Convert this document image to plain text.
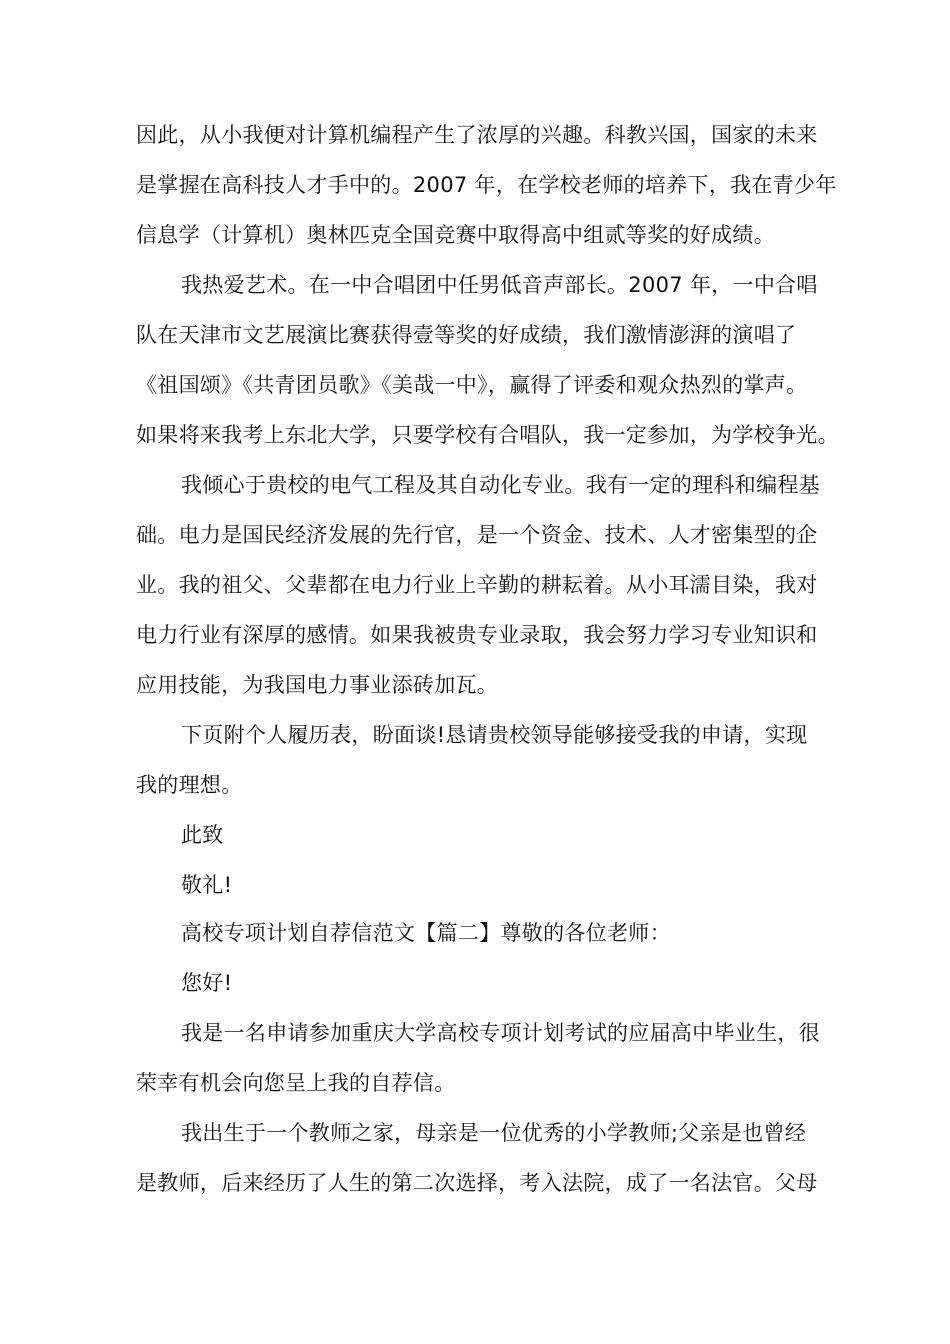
因此，从小我便对计算机编程产生了浓厚的兴趣。科教兴国，国家的未来
是掌握在高科技人才手中的。2007 年，在学校老师的培养下，我在青少年
信息学（计算机）奥林匹克全国竞赛中取得高中组贰等奖的好成绩。
我热爱艺术。在一中合唱团中任男低音声部长。2007 年，一中合唱
队在天津市文艺展演比赛获得壹等奖的好成绩，我们激情澎湃的演唱了
《祖国颂》《共青团员歌》《美哉一中》，赢得了评委和观众热烈的掌声。
如果将来我考上东北大学，只要学校有合唱队，我一定参加，为学校争光。
我倾心于贵校的电气工程及其自动化专业。我有一定的理科和编程基
础。电力是国民经济发展的先行官，是一个资金、技术、人才密集型的企
业。我的祖父、父辈都在电力行业上辛勤的耕耘着。从小耳濡目染，我对
电力行业有深厚的感情。如果我被贵专业录取，我会努力学习专业知识和
应用技能，为我国电力事业添砖加瓦。
下页附个人履历表，盼面谈!恳请贵校领导能够接受我的申请，实现
我的理想。
此致
敬礼!
高校专项计划自荐信范文【篇二】尊敬的各位老师：
您好!
我是一名申请参加重庆大学高校专项计划考试的应届高中毕业生，很
荣幸有机会向您呈上我的自荐信。
我出生于一个教师之家，母亲是一位优秀的小学教师;父亲是也曾经
是教师，后来经历了人生的第二次选择，考入法院，成了一名法官。父母
